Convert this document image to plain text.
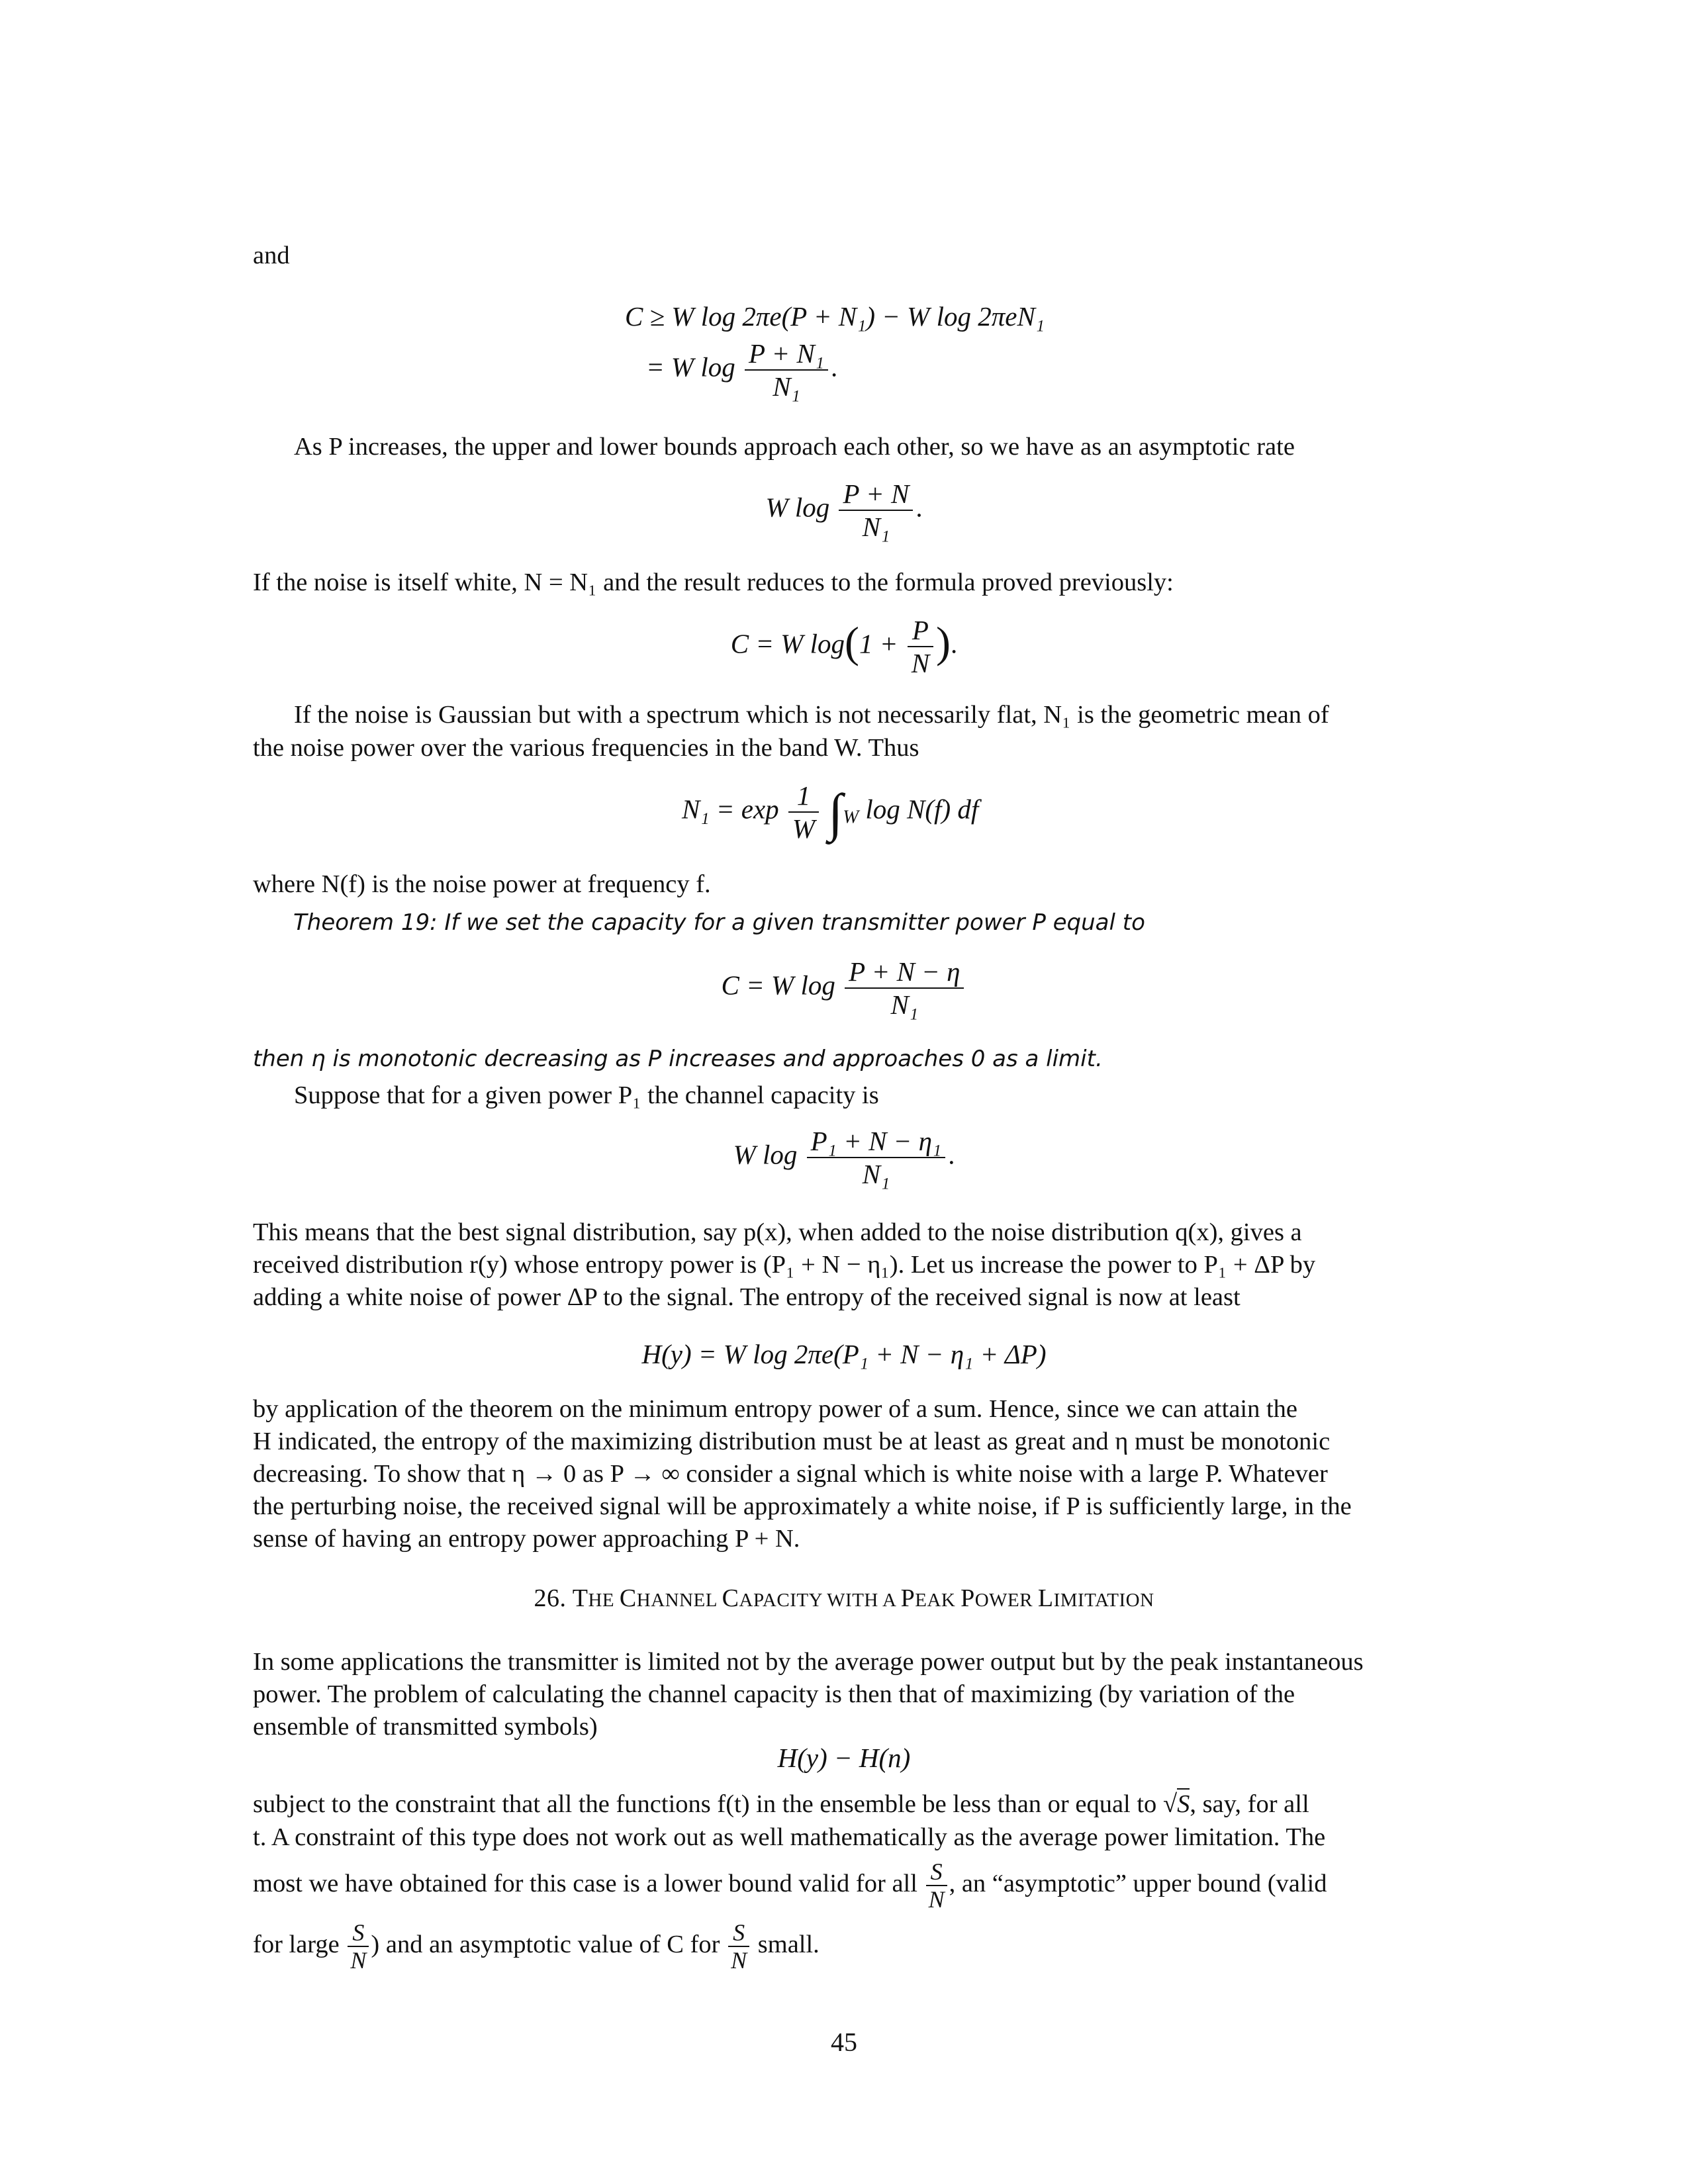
and
C ≥ W log 2πe(P + N₁) − W log 2πeN₁
= W $\log \frac{\text{P + N₁}}{\text{N₁}}$ .
As P increases, the upper and lower bounds approach each other, so we have as an asymptotic rate
W $\log \frac{P + N}{\text{N₁}}$ .
If the noise is itself white, N = N₁ and the result reduces to the formula proved previously:
C = W $\log(1 + \frac{P}{N}$ ).
If the noise is Gaussian but with a spectrum which is not necessarily flat, N₁ is the geometric mean of
the noise power over the various frequencies in the band W. Thus
$N_1 = \exp \frac{1}{W} \int_W$ log N(f) df
where N(f) is the noise power at frequency f.
Theorem 19: If we set the capacity for a given transmitter power P equal to
C = W $\log \frac{P + N - \eta}{\text{N₁}}$
then η is monotonic decreasing as P increases and approaches 0 as a limit.
Suppose that for a given power P₁ the channel capacity is
W $\log \frac{\text{P₁ + N − η₁}}{\text{N₁}}$ .
This means that the best signal distribution, say p(x), when added to the noise distribution q(x), gives a
received distribution r(y) whose entropy power is (P₁ + N − η₁). Let us increase the power to P₁ + ΔP by
adding a white noise of power ΔP to the signal. The entropy of the received signal is now at least
H(y) = W log 2πe(P₁ + N − η₁ + ΔP)
by application of the theorem on the minimum entropy power of a sum. Hence, since we can attain the
H indicated, the entropy of the maximizing distribution must be at least as great and η must be monotonic
decreasing. To show that η → 0 as P → ∞ consider a signal which is white noise with a large P. Whatever
the perturbing noise, the received signal will be approximately a white noise, if P is sufficiently large, in the
sense of having an entropy power approaching P + N.
26. THE CHANNEL CAPACITY WITH A PEAK POWER LIMITATION
In some applications the transmitter is limited not by the average power output but by the peak instantaneous
power. The problem of calculating the channel capacity is then that of maximizing (by variation of the
ensemble of transmitted symbols)
H(y) − H(n)
subject to the constraint that all the functions f(t) in the ensemble be less than or equal to √S, say, for all
t. A constraint of this type does not work out as well mathematically as the average power limitation. The
most we have obtained for this case is a lower bound valid for all $\frac{S}{N}$ , an “asymptotic” upper bound (valid
for large $\frac{S}{N}$ ) and an asymptotic value of C for $\frac{S}{N}$ small.
45
